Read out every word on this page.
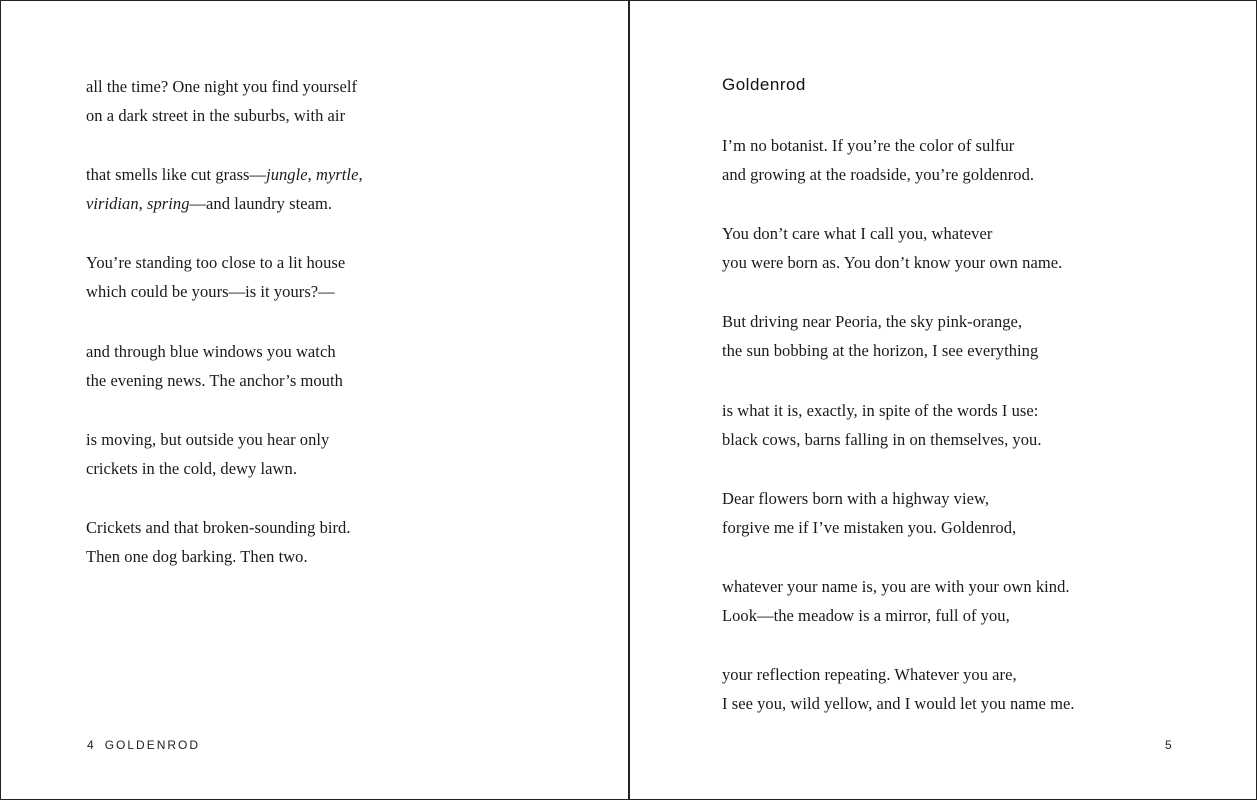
all the time? One night you find yourself
on a dark street in the suburbs, with air
that smells like cut grass—jungle, myrtle,
viridian, spring—and laundry steam.
You’re standing too close to a lit house
which could be yours—is it yours?—
and through blue windows you watch
the evening news. The anchor’s mouth
is moving, but outside you hear only
crickets in the cold, dewy lawn.
Crickets and that broken-sounding bird.
Then one dog barking. Then two.
4 GOLDENROD
Goldenrod
I’m no botanist. If you’re the color of sulfur
and growing at the roadside, you’re goldenrod.
You don’t care what I call you, whatever
you were born as. You don’t know your own name.
But driving near Peoria, the sky pink-orange,
the sun bobbing at the horizon, I see everything
is what it is, exactly, in spite of the words I use:
black cows, barns falling in on themselves, you.
Dear flowers born with a highway view,
forgive me if I’ve mistaken you. Goldenrod,
whatever your name is, you are with your own kind.
Look—the meadow is a mirror, full of you,
your reflection repeating. Whatever you are,
I see you, wild yellow, and I would let you name me.
5
